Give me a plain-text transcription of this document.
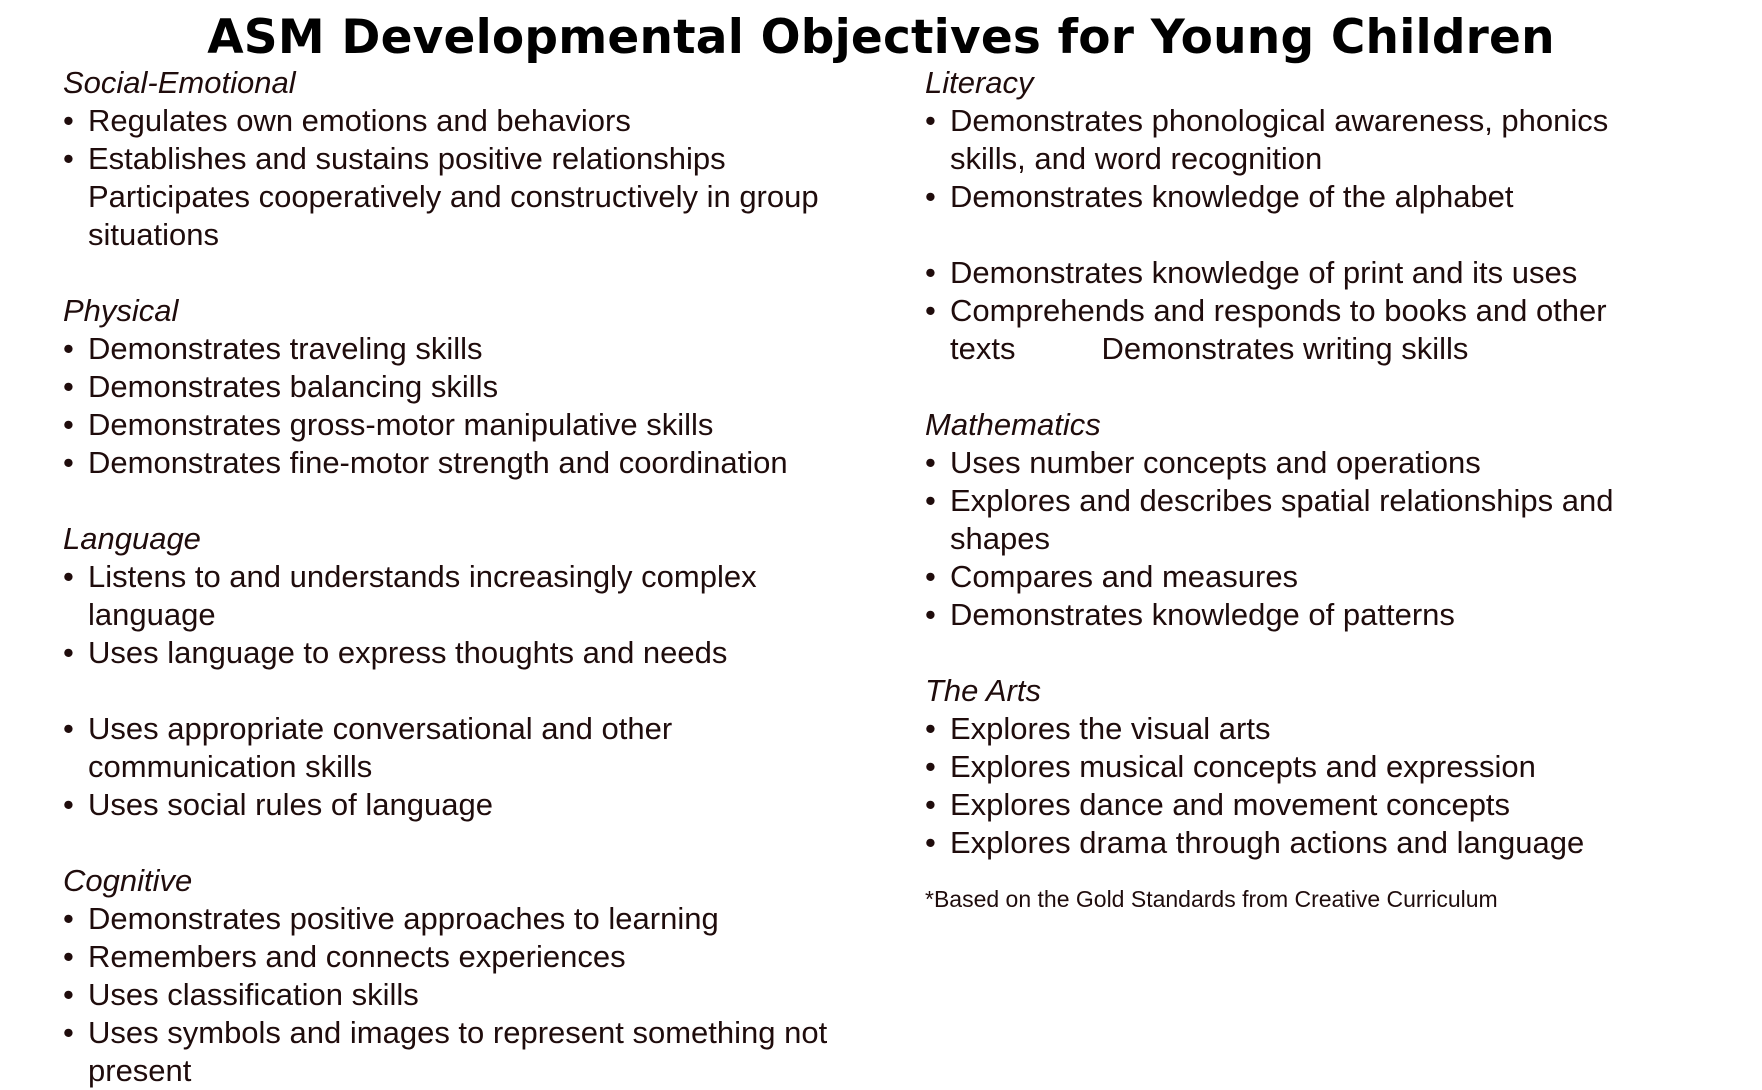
ASM Developmental Objectives for Young Children
Social-Emotional
• Regulates own emotions and behaviors
• Establishes and sustains positive relationships
Participates cooperatively and constructively in group situations
Physical
• Demonstrates traveling skills
• Demonstrates balancing skills
• Demonstrates gross-motor manipulative skills
• Demonstrates fine-motor strength and coordination
Language
• Listens to and understands increasingly complex language
• Uses language to express thoughts and needs
• Uses appropriate conversational and other communication skills
• Uses social rules of language
Cognitive
• Demonstrates positive approaches to learning
• Remembers and connects experiences
• Uses classification skills
• Uses symbols and images to represent something not present
Literacy
• Demonstrates phonological awareness, phonics skills, and word recognition
• Demonstrates knowledge of the alphabet
• Demonstrates knowledge of print and its uses
• Comprehends and responds to books and other texts	Demonstrates writing skills
Mathematics
• Uses number concepts and operations
• Explores and describes spatial relationships and shapes
• Compares and measures
• Demonstrates knowledge of patterns
The Arts
• Explores the visual arts
• Explores musical concepts and expression
• Explores dance and movement concepts
• Explores drama through actions and language
*Based on the Gold Standards from Creative Curriculum
